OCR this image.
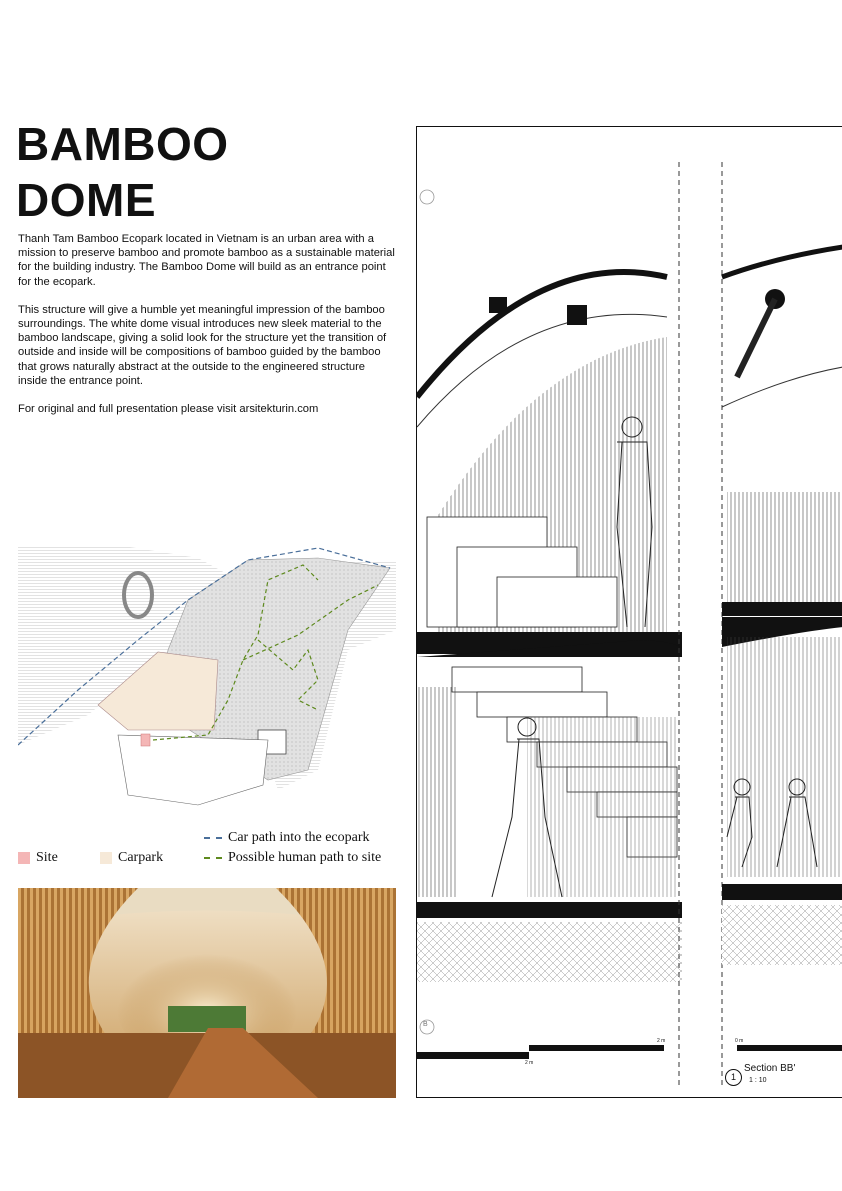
BAMBOO
DOME

Thanh Tam Bamboo Ecopark located in Vietnam is an urban area with a mission to preserve bamboo and promote bamboo as a sustainable material for the building industry. The Bamboo Dome will build as an entrance point for the ecopark.

This structure will give a humble yet meaningful impression of the bamboo surroundings. The white dome visual introduces new sleek material to the bamboo landscape, giving a solid look for the structure yet the transition of outside and inside will be compositions of bamboo guided by the bamboo that grows naturally abstract at the outside to the engineered structure inside the entrance point.

For original and full presentation please visit arsitekturin.com

Site	Carpark
Car path into the ecopark
Possible human path to site
B
2 m
2 m
0 m
1
Section BB'
1 : 10
